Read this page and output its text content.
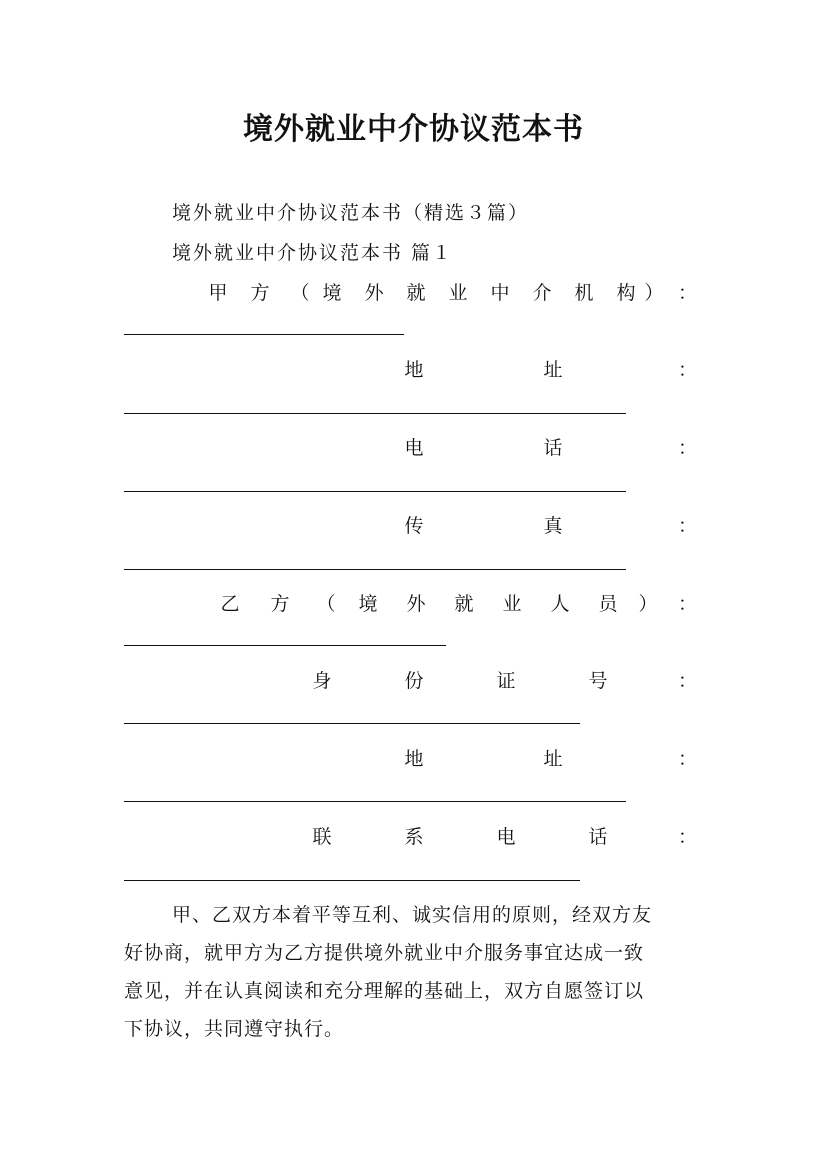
境外就业中介协议范本书
境外就业中介协议范本书（精选３篇）
境外就业中介协议范本书 篇１
甲 方 （ 境 外 就 业 中 介 机 构 ） ：
地	址	：
电	话	：
传	真	：
乙 方 （ 境 外 就 业 人 员 ） ：
身	份	证	号	：
地	址	：
联	系	电	话	：
甲、乙双方本着平等互利、诚实信用的原则，经双方友
好协商，就甲方为乙方提供境外就业中介服务事宜达成一致
意见，并在认真阅读和充分理解的基础上，双方自愿签订以
下协议，共同遵守执行。
